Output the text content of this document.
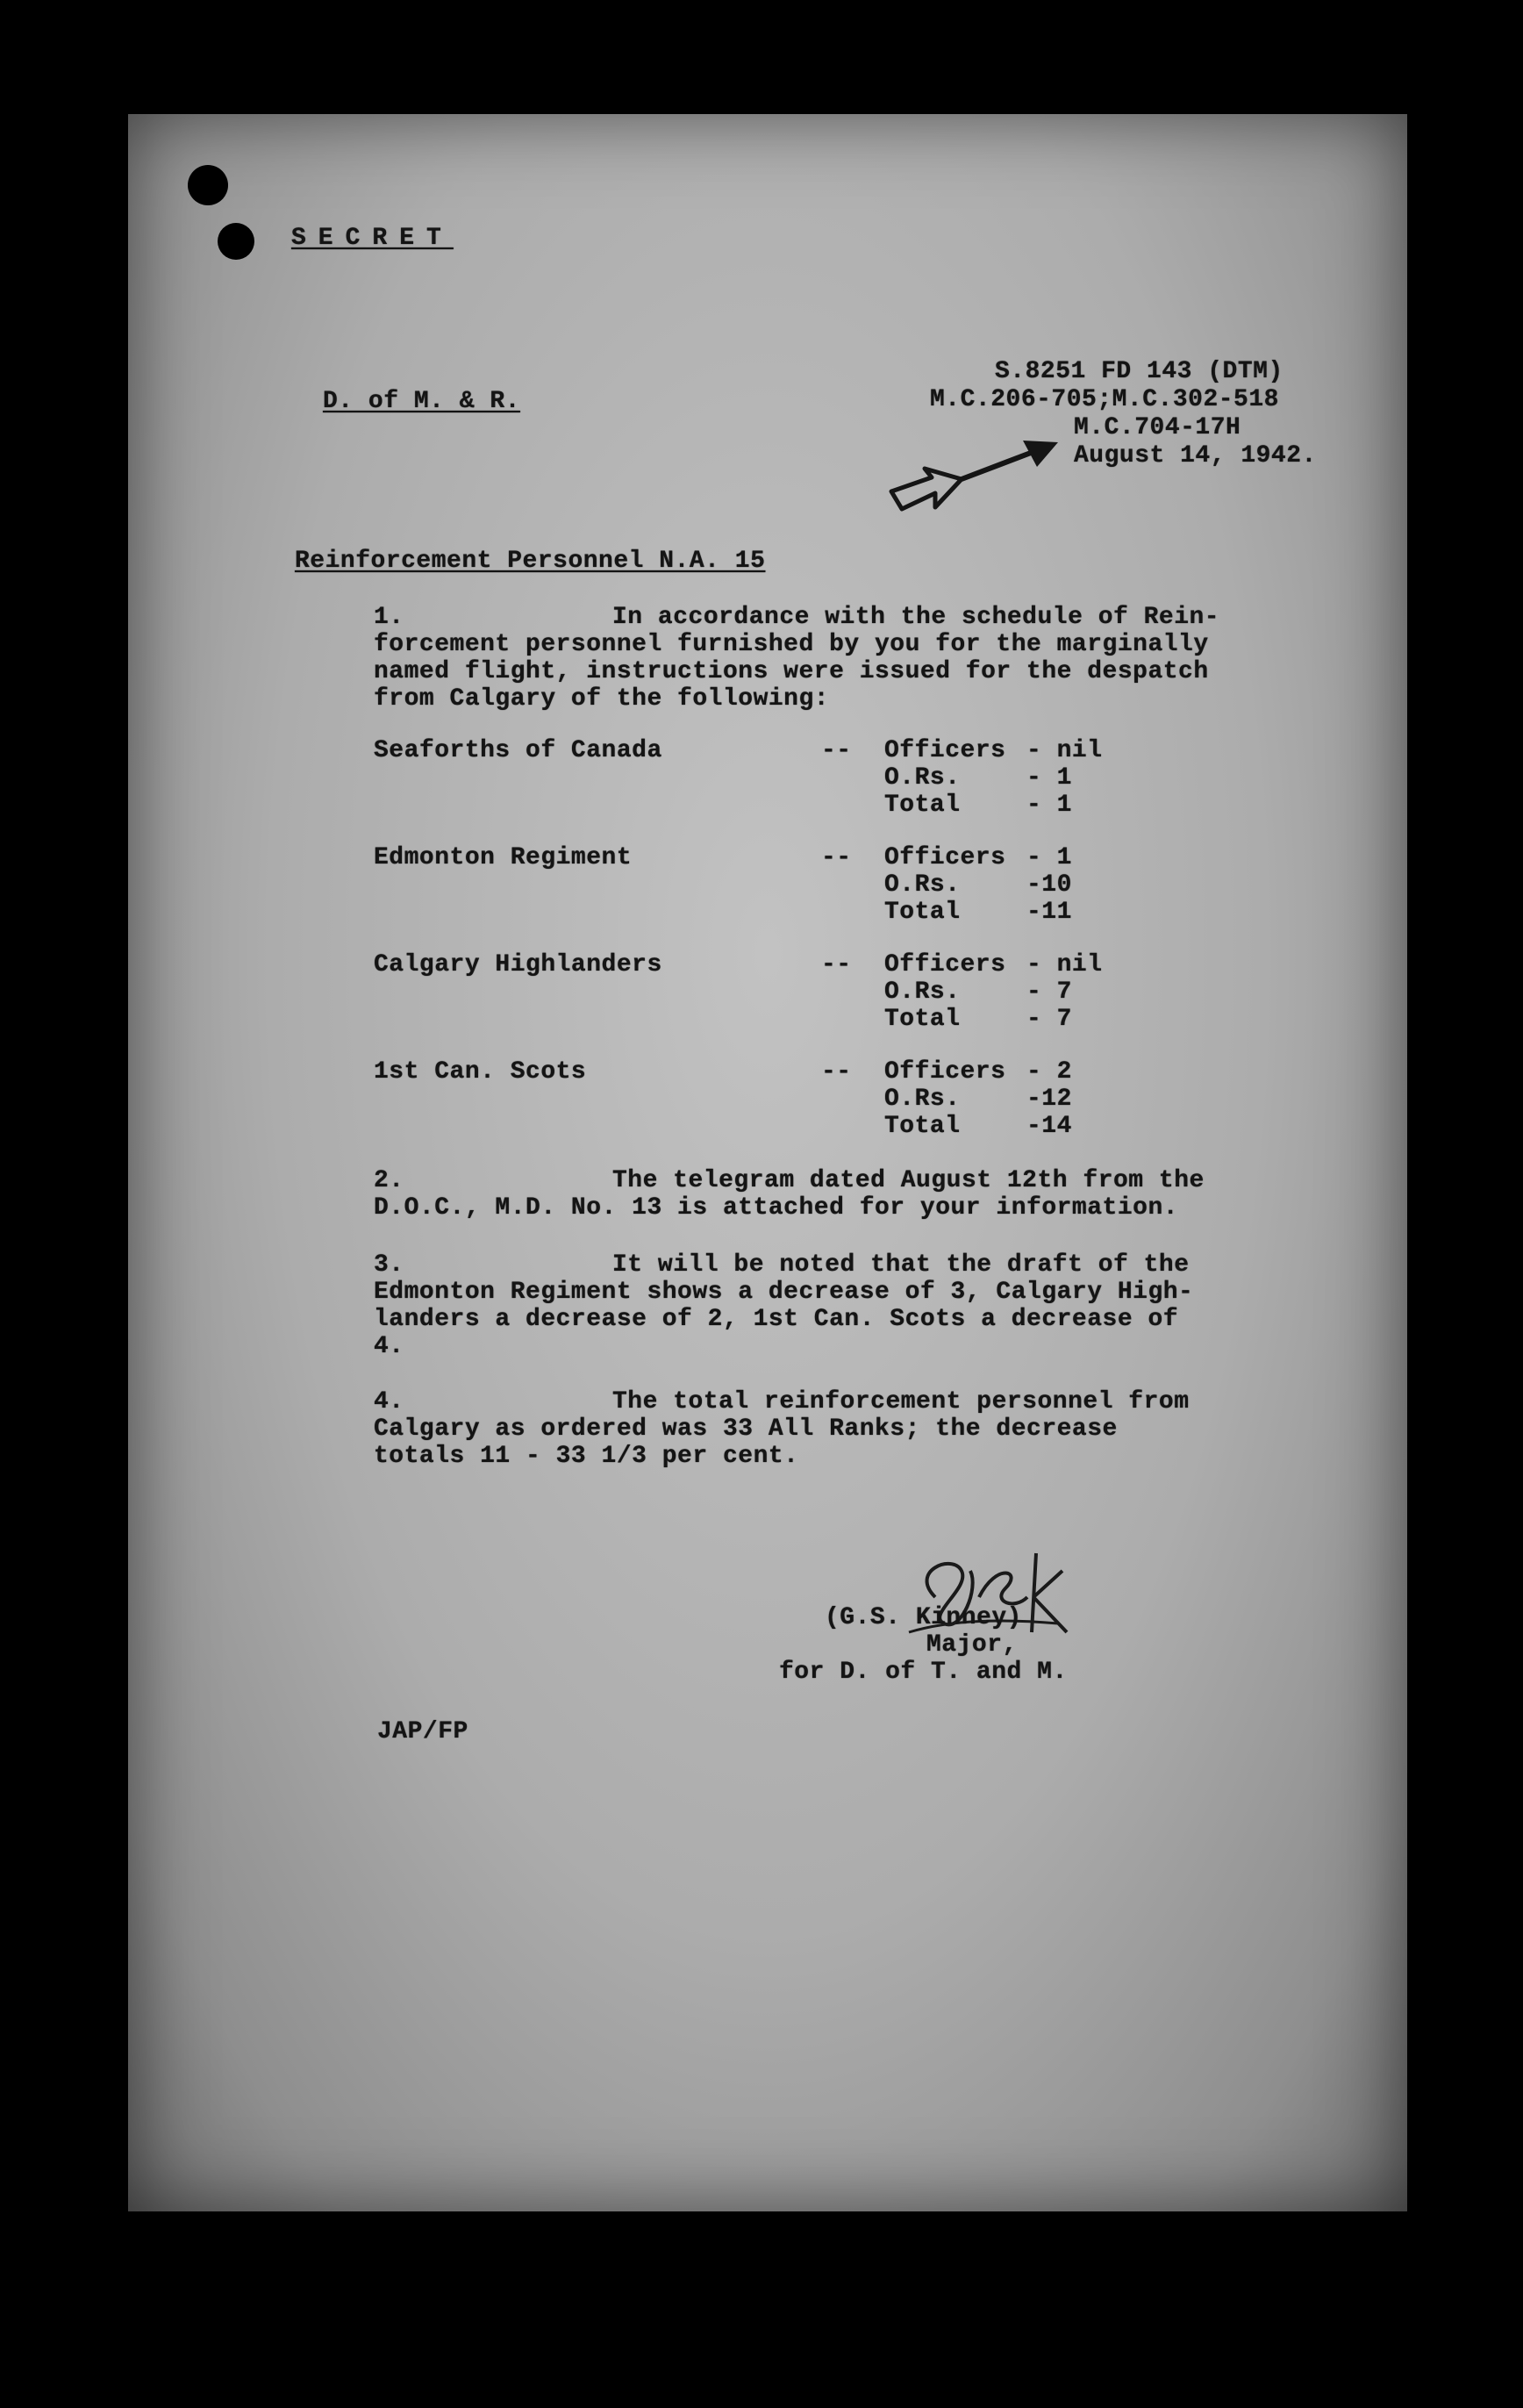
SECRET
D. of M. & R.
S.8251 FD 143 (DTM)
M.C.206-705;M.C.302-518
M.C.704-17H
August 14, 1942.
Reinforcement Personnel N.A. 15
1.	In accordance with the schedule of Rein-
forcement personnel furnished by you for the marginally
named flight, instructions were issued for the despatch
from Calgary of the following:
Seaforths of Canada	-- Officers - nil
O.Rs.	- 1
Total	- 1
Edmonton Regiment	-- Officers - 1
O.Rs.	-10
Total	-11
Calgary Highlanders	-- Officers - nil
O.Rs.	- 7
Total	- 7
1st Can. Scots	-- Officers - 2
O.Rs.	-12
Total	-14
2.	The telegram dated August 12th from the
D.O.C., M.D. No. 13 is attached for your information.
3.	It will be noted that the draft of the
Edmonton Regiment shows a decrease of 3, Calgary High-
landers a decrease of 2, 1st Can. Scots a decrease of
4.
4.	The total reinforcement personnel from
Calgary as ordered was 33 All Ranks; the decrease
totals 11 - 33 1/3 per cent.
(G.S. Kinney)
Major,
for D. of T. and M.
JAP/FP
